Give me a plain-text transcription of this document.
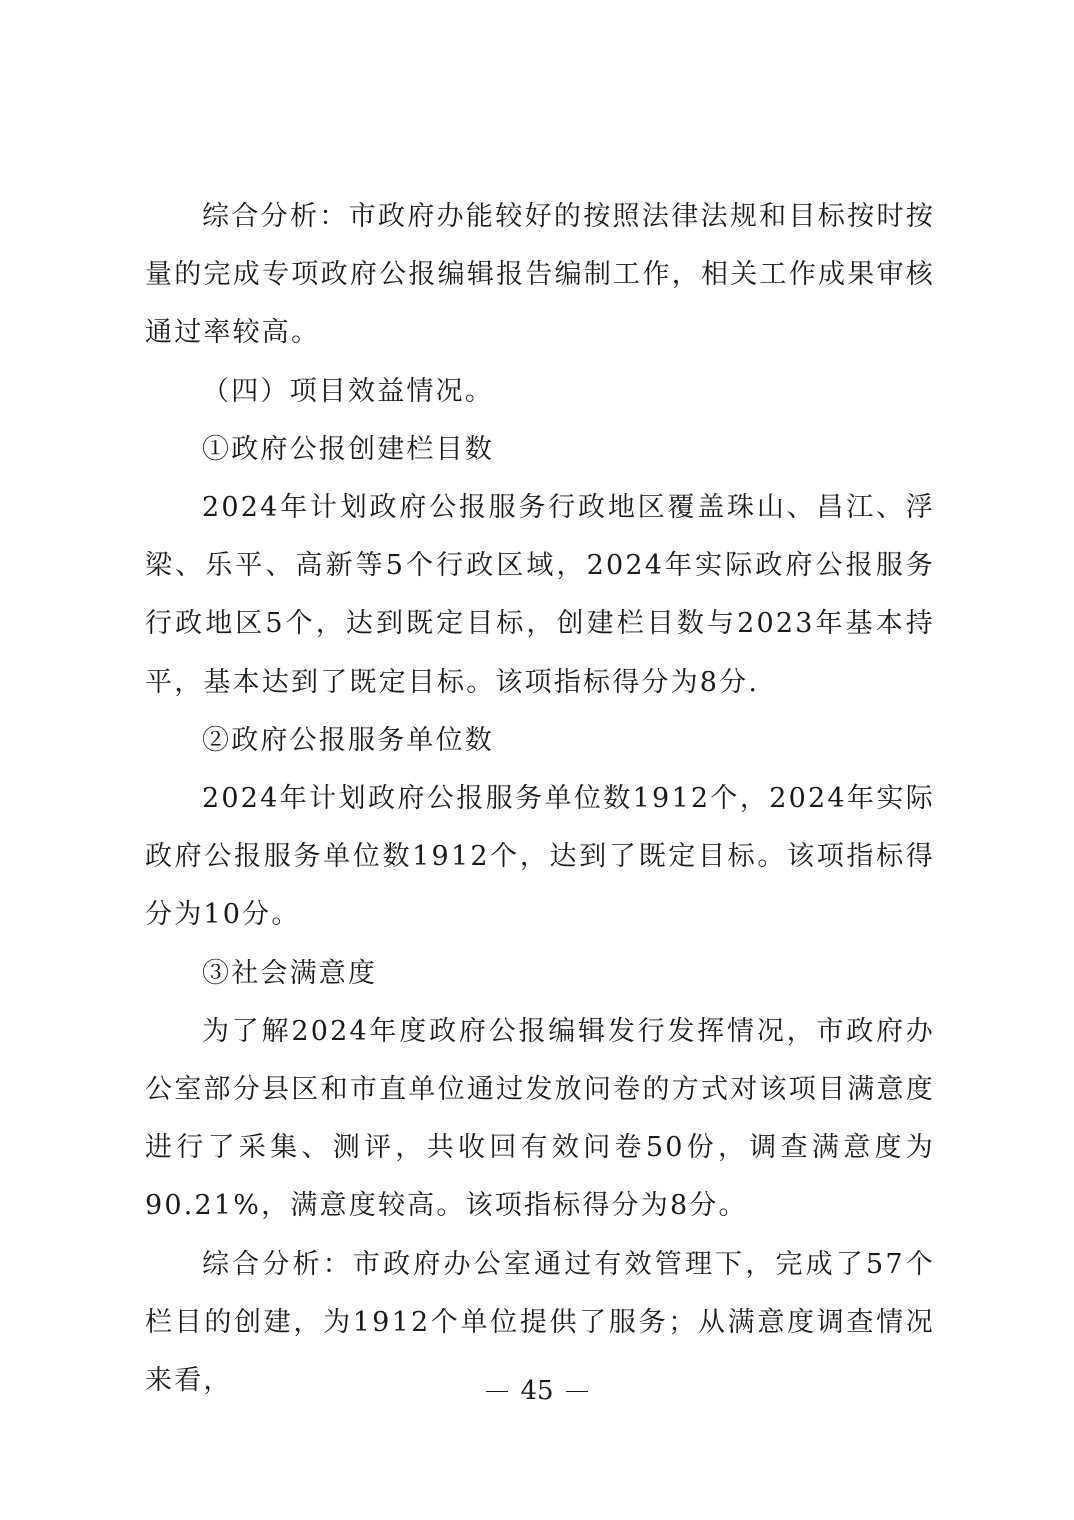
综合分析：市政府办能较好的按照法律法规和目标按时按量的完成专项政府公报编辑报告编制工作，相关工作成果审核通过率较高。

（四）项目效益情况。

①政府公报创建栏目数

2024年计划政府公报服务行政地区覆盖珠山、昌江、浮梁、乐平、高新等5个行政区域，2024年实际政府公报服务行政地区5个，达到既定目标，创建栏目数与2023年基本持平，基本达到了既定目标。该项指标得分为8分.

②政府公报服务单位数

2024年计划政府公报服务单位数1912个，2024年实际政府公报服务单位数1912个，达到了既定目标。该项指标得分为10分。

③社会满意度

为了解2024年度政府公报编辑发行发挥情况，市政府办公室部分县区和市直单位通过发放问卷的方式对该项目满意度进行了采集、测评，共收回有效问卷50份，调查满意度为90.21%，满意度较高。该项指标得分为8分。

综合分析：市政府办公室通过有效管理下，完成了57个栏目的创建，为1912个单位提供了服务；从满意度调查情况来看，	45
